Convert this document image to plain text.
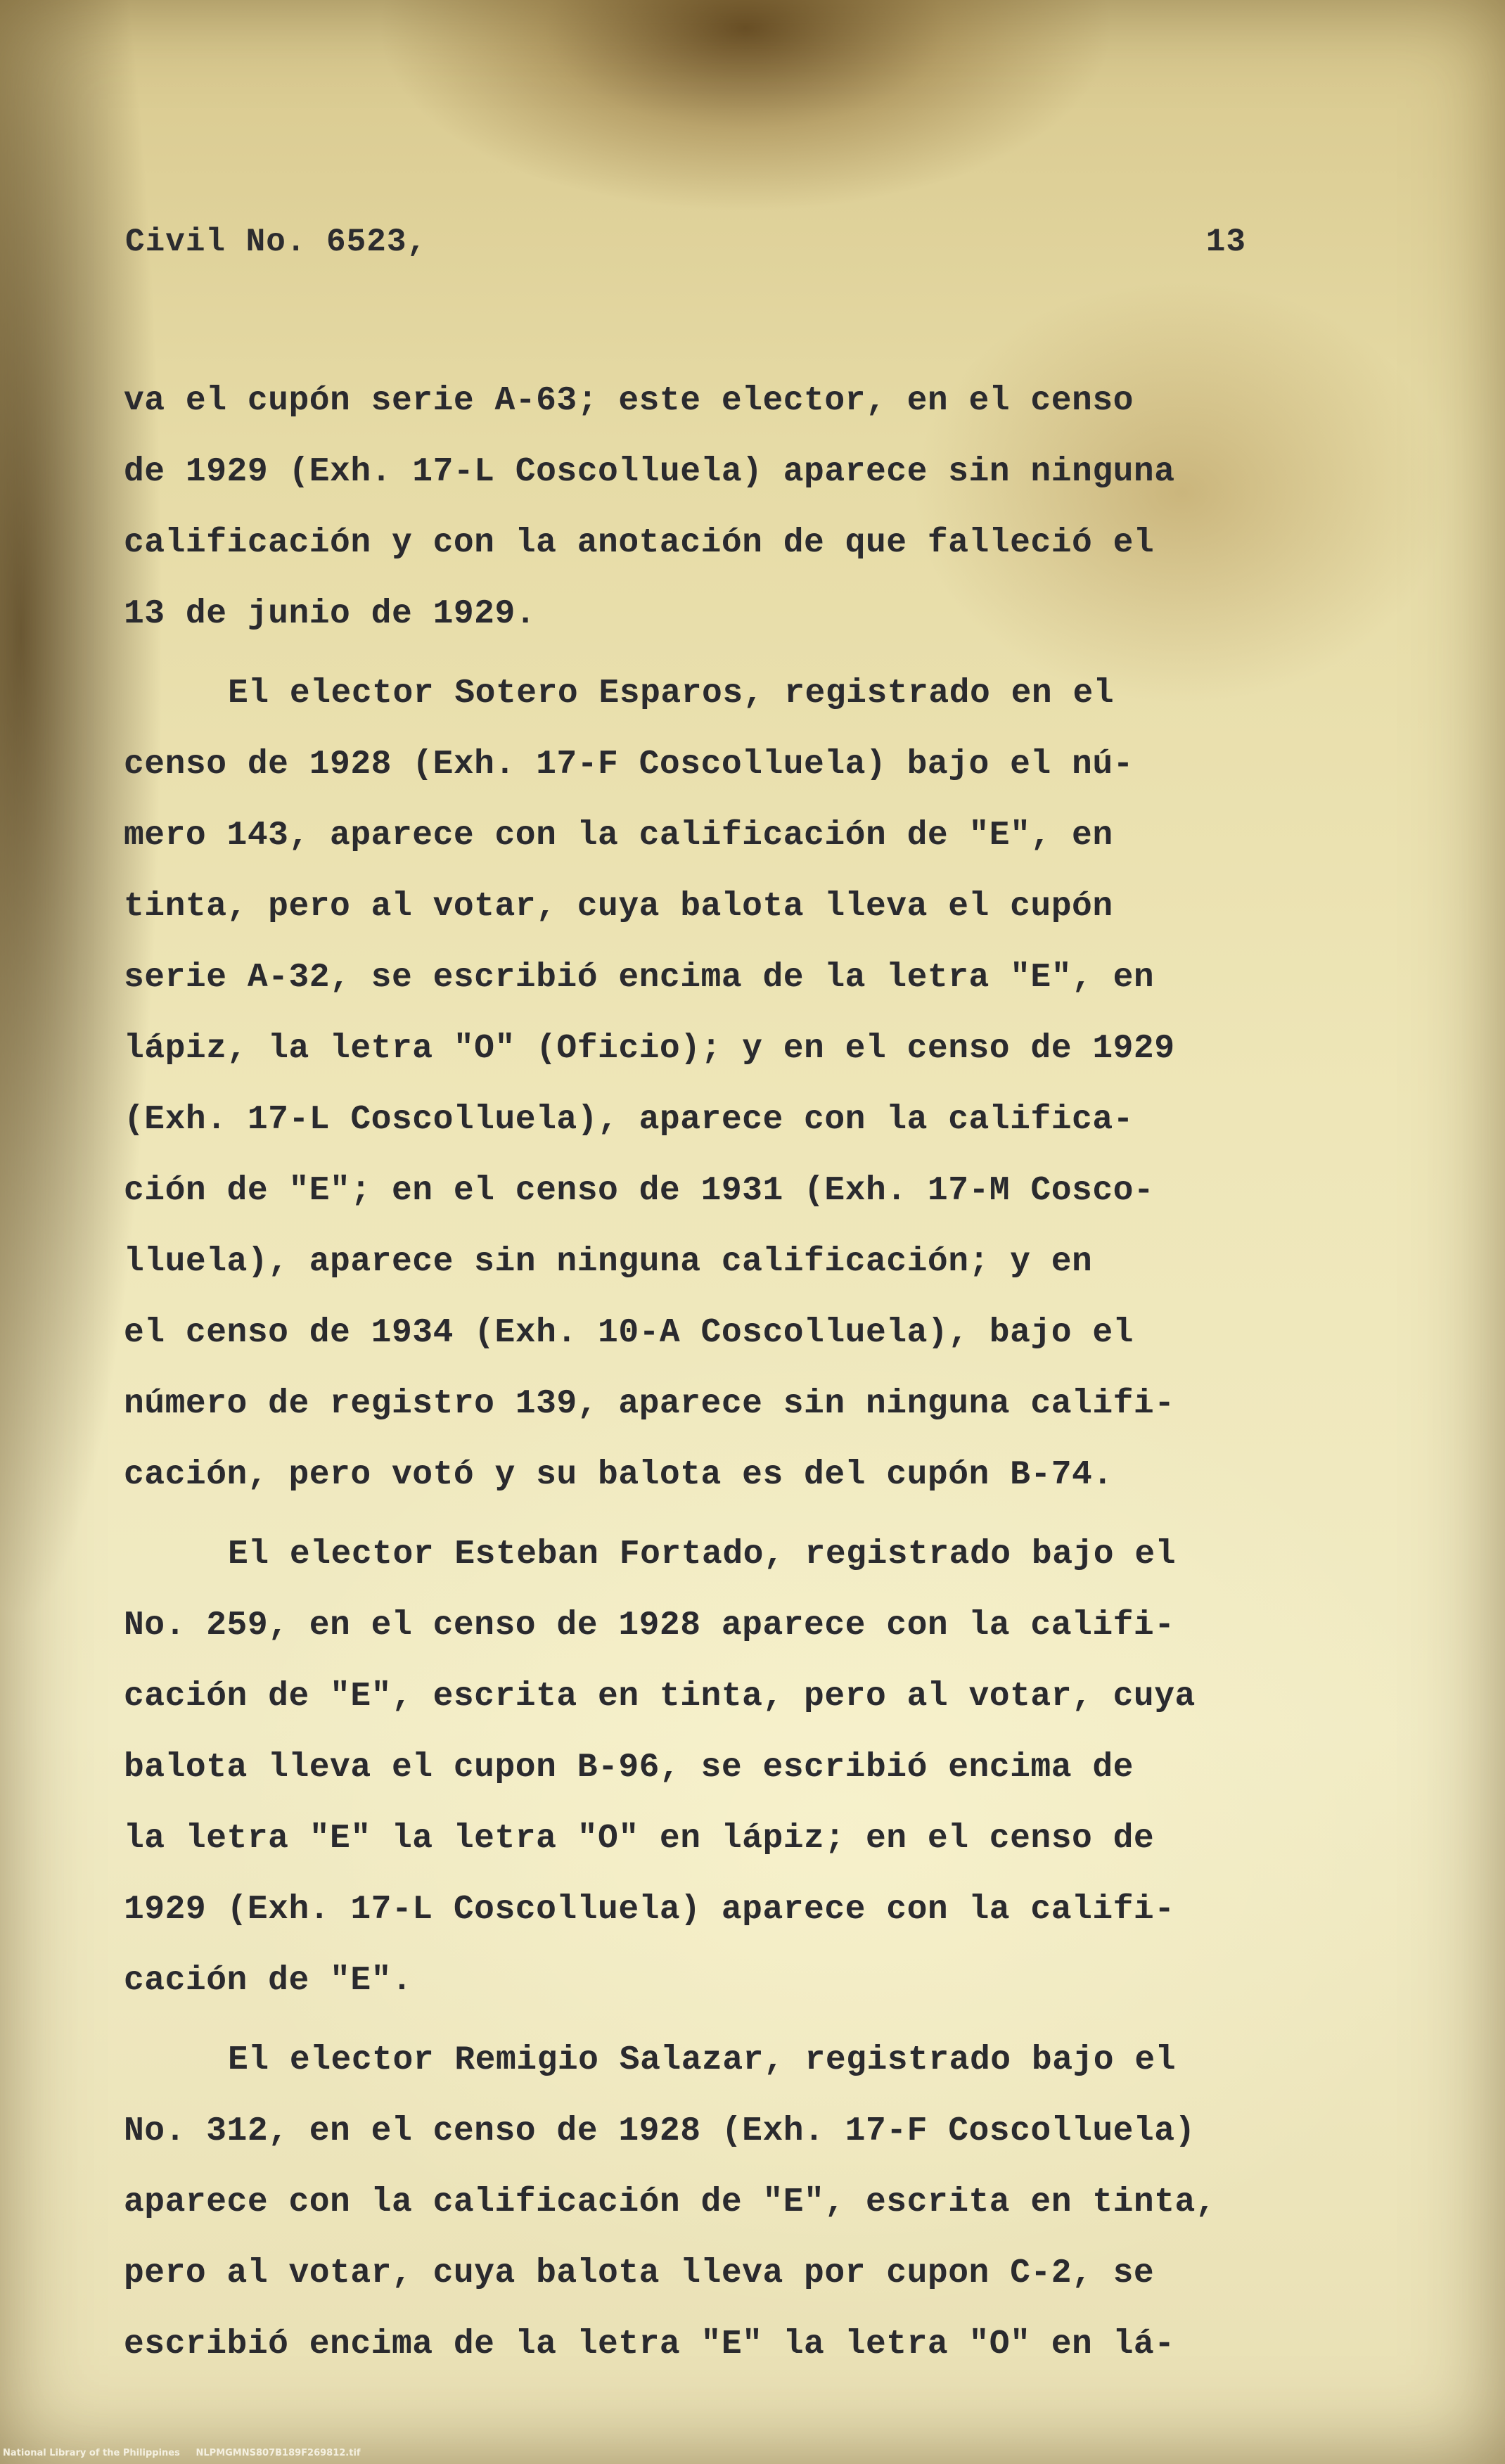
Civil No. 6523,	13
va el cupón serie A-63; este elector, en el censo
de 1929 (Exh. 17-L Coscolluela) aparece sin ninguna
calificación y con la anotación de que falleció el
13 de junio de 1929.
El elector Sotero Esparos, registrado en el
censo de 1928 (Exh. 17-F Coscolluela) bajo el nú-
mero 143, aparece con la calificación de "E", en
tinta, pero al votar, cuya balota lleva el cupón
serie A-32, se escribió encima de la letra "E", en
lápiz, la letra "O" (Oficio); y en el censo de 1929
(Exh. 17-L Coscolluela), aparece con la califica-
ción de "E"; en el censo de 1931 (Exh. 17-M Cosco-
lluela), aparece sin ninguna calificación; y en
el censo de 1934 (Exh. 10-A Coscolluela), bajo el
número de registro 139, aparece sin ninguna califi-
cación, pero votó y su balota es del cupón B-74.
El elector Esteban Fortado, registrado bajo el
No. 259, en el censo de 1928 aparece con la califi-
cación de "E", escrita en tinta, pero al votar, cuya
balota lleva el cupon B-96, se escribió encima de
la letra "E" la letra "O" en lápiz; en el censo de
1929 (Exh. 17-L Coscolluela) aparece con la califi-
cación de "E".
El elector Remigio Salazar, registrado bajo el
No. 312, en el censo de 1928 (Exh. 17-F Coscolluela)
aparece con la calificación de "E", escrita en tinta,
pero al votar, cuya balota lleva por cupon C-2, se
escribió encima de la letra "E" la letra "O" en lá-
National Library of the Philippines NLPMGMNS807B189F269812.tif
